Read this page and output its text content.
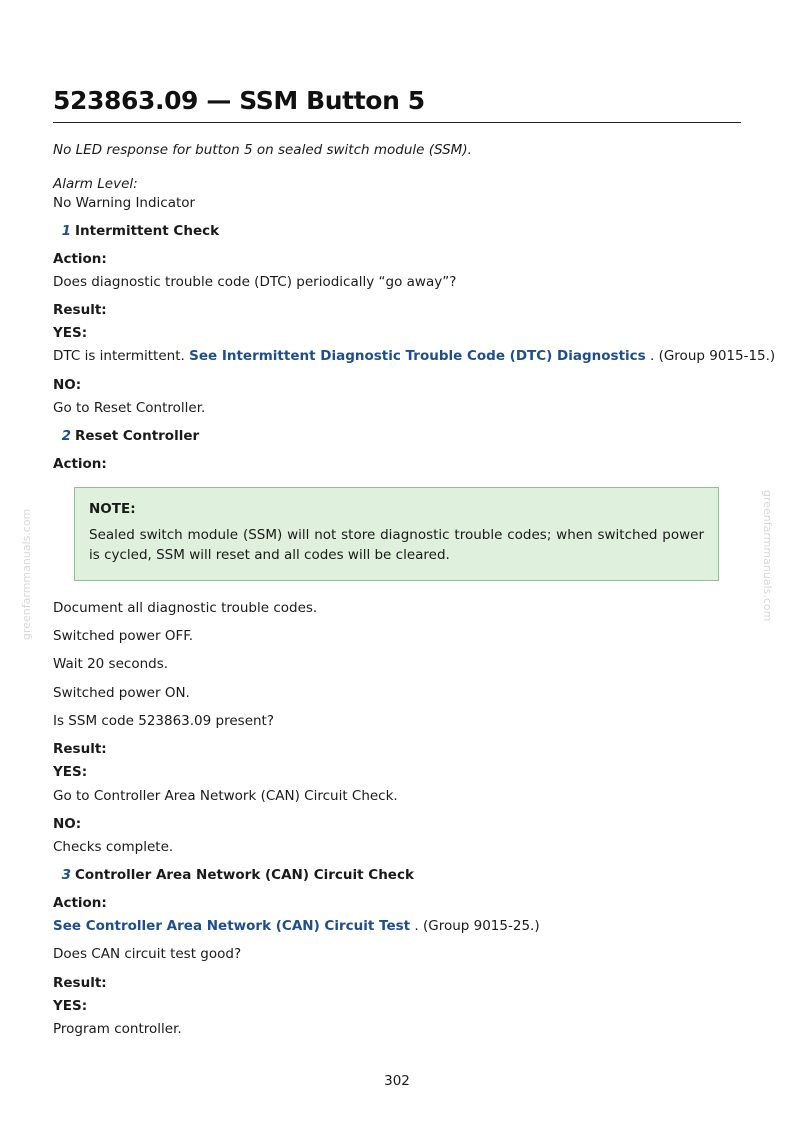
greenfarmmanuals.com	greenfarmmanuals.com
523863.09 — SSM Button 5
No LED response for button 5 on sealed switch module (SSM).
Alarm Level:
No Warning Indicator
1 Intermittent Check
Action:
Does diagnostic trouble code (DTC) periodically “go away”?
Result:
YES:
DTC is intermittent. See Intermittent Diagnostic Trouble Code (DTC) Diagnostics . (Group 9015-15.)
NO:
Go to Reset Controller.
2 Reset Controller
Action:
NOTE:
Sealed switch module (SSM) will not store diagnostic trouble codes; when switched power is cycled, SSM will reset and all codes will be cleared.
Document all diagnostic trouble codes.
Switched power OFF.
Wait 20 seconds.
Switched power ON.
Is SSM code 523863.09 present?
Result:
YES:
Go to Controller Area Network (CAN) Circuit Check.
NO:
Checks complete.
3 Controller Area Network (CAN) Circuit Check
Action:
See Controller Area Network (CAN) Circuit Test . (Group 9015-25.)
Does CAN circuit test good?
Result:
YES:
Program controller.
302
